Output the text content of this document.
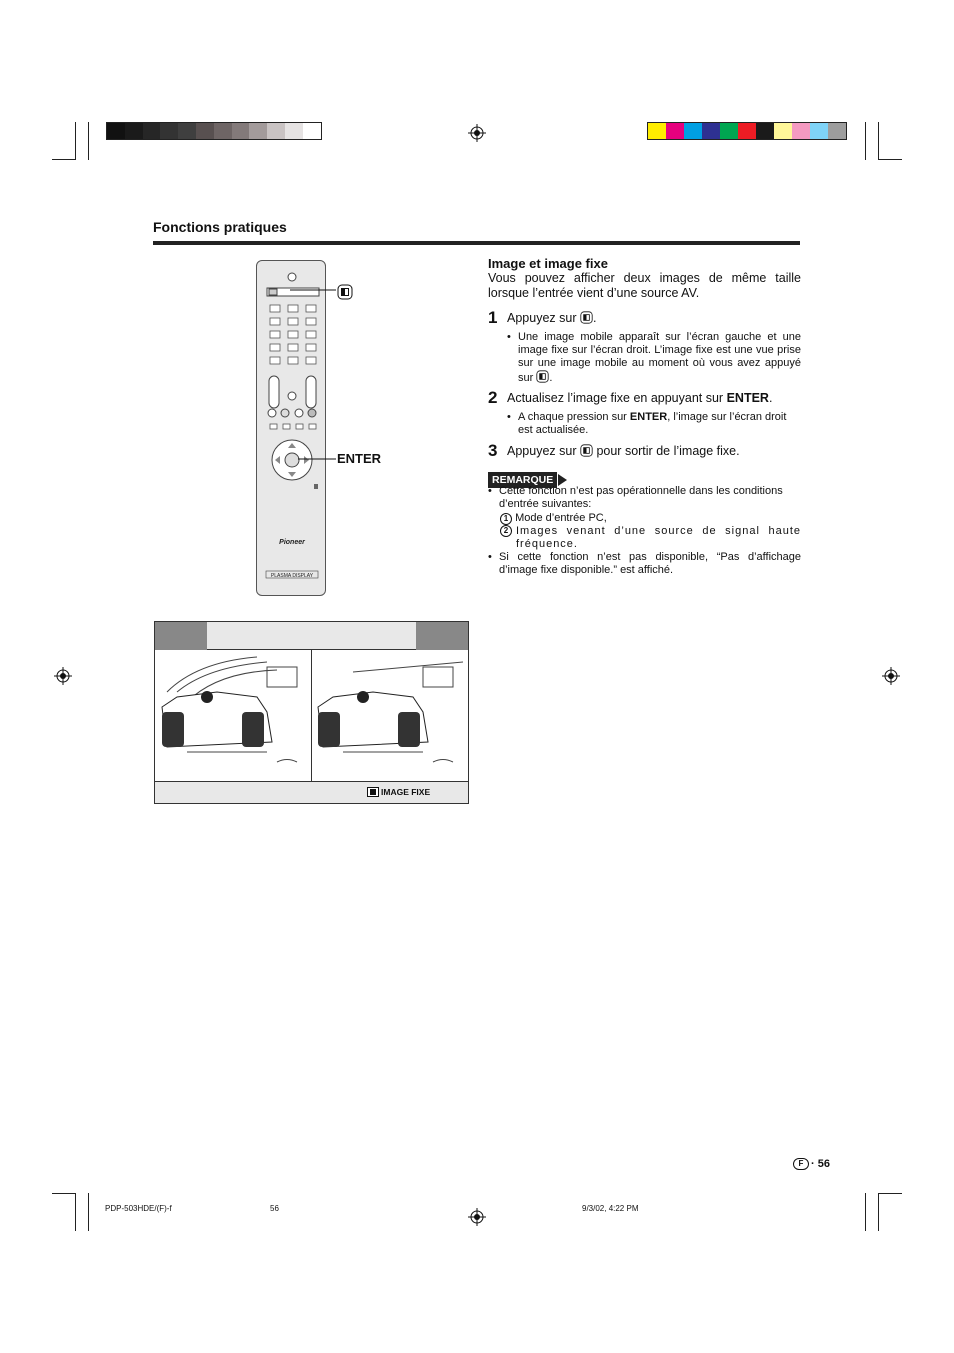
Fonctions pratiques
Pioneer
PLASMA DISPLAY
ENTER
Image et image fixe
Vous pouvez afficher deux images de même taille lorsque l’entrée vient d’une source AV.
1 Appuyez sur .
• Une image mobile apparaît sur l’écran gauche et une image fixe sur l’écran droit. L’image fixe est une vue prise sur une image mobile au moment où vous avez appuyé sur .
2 Actualisez l’image fixe en appuyant sur ENTER.
• A chaque pression sur ENTER, l’image sur l’écran droit est actualisée.
3 Appuyez sur pour sortir de l’image fixe.
REMARQUE
• Cette fonction n’est pas opérationnelle dans les conditions d’entrée suivantes:
1 Mode d’entrée PC,
2 Images venant d’une source de signal haute fréquence.
• Si cette fonction n’est pas disponible, “Pas d’affichage d’image fixe disponible.” est affiché.
IMAGE FIXE
F · 56
PDP-503HDE/(F)-f	56	9/3/02, 4:22 PM
